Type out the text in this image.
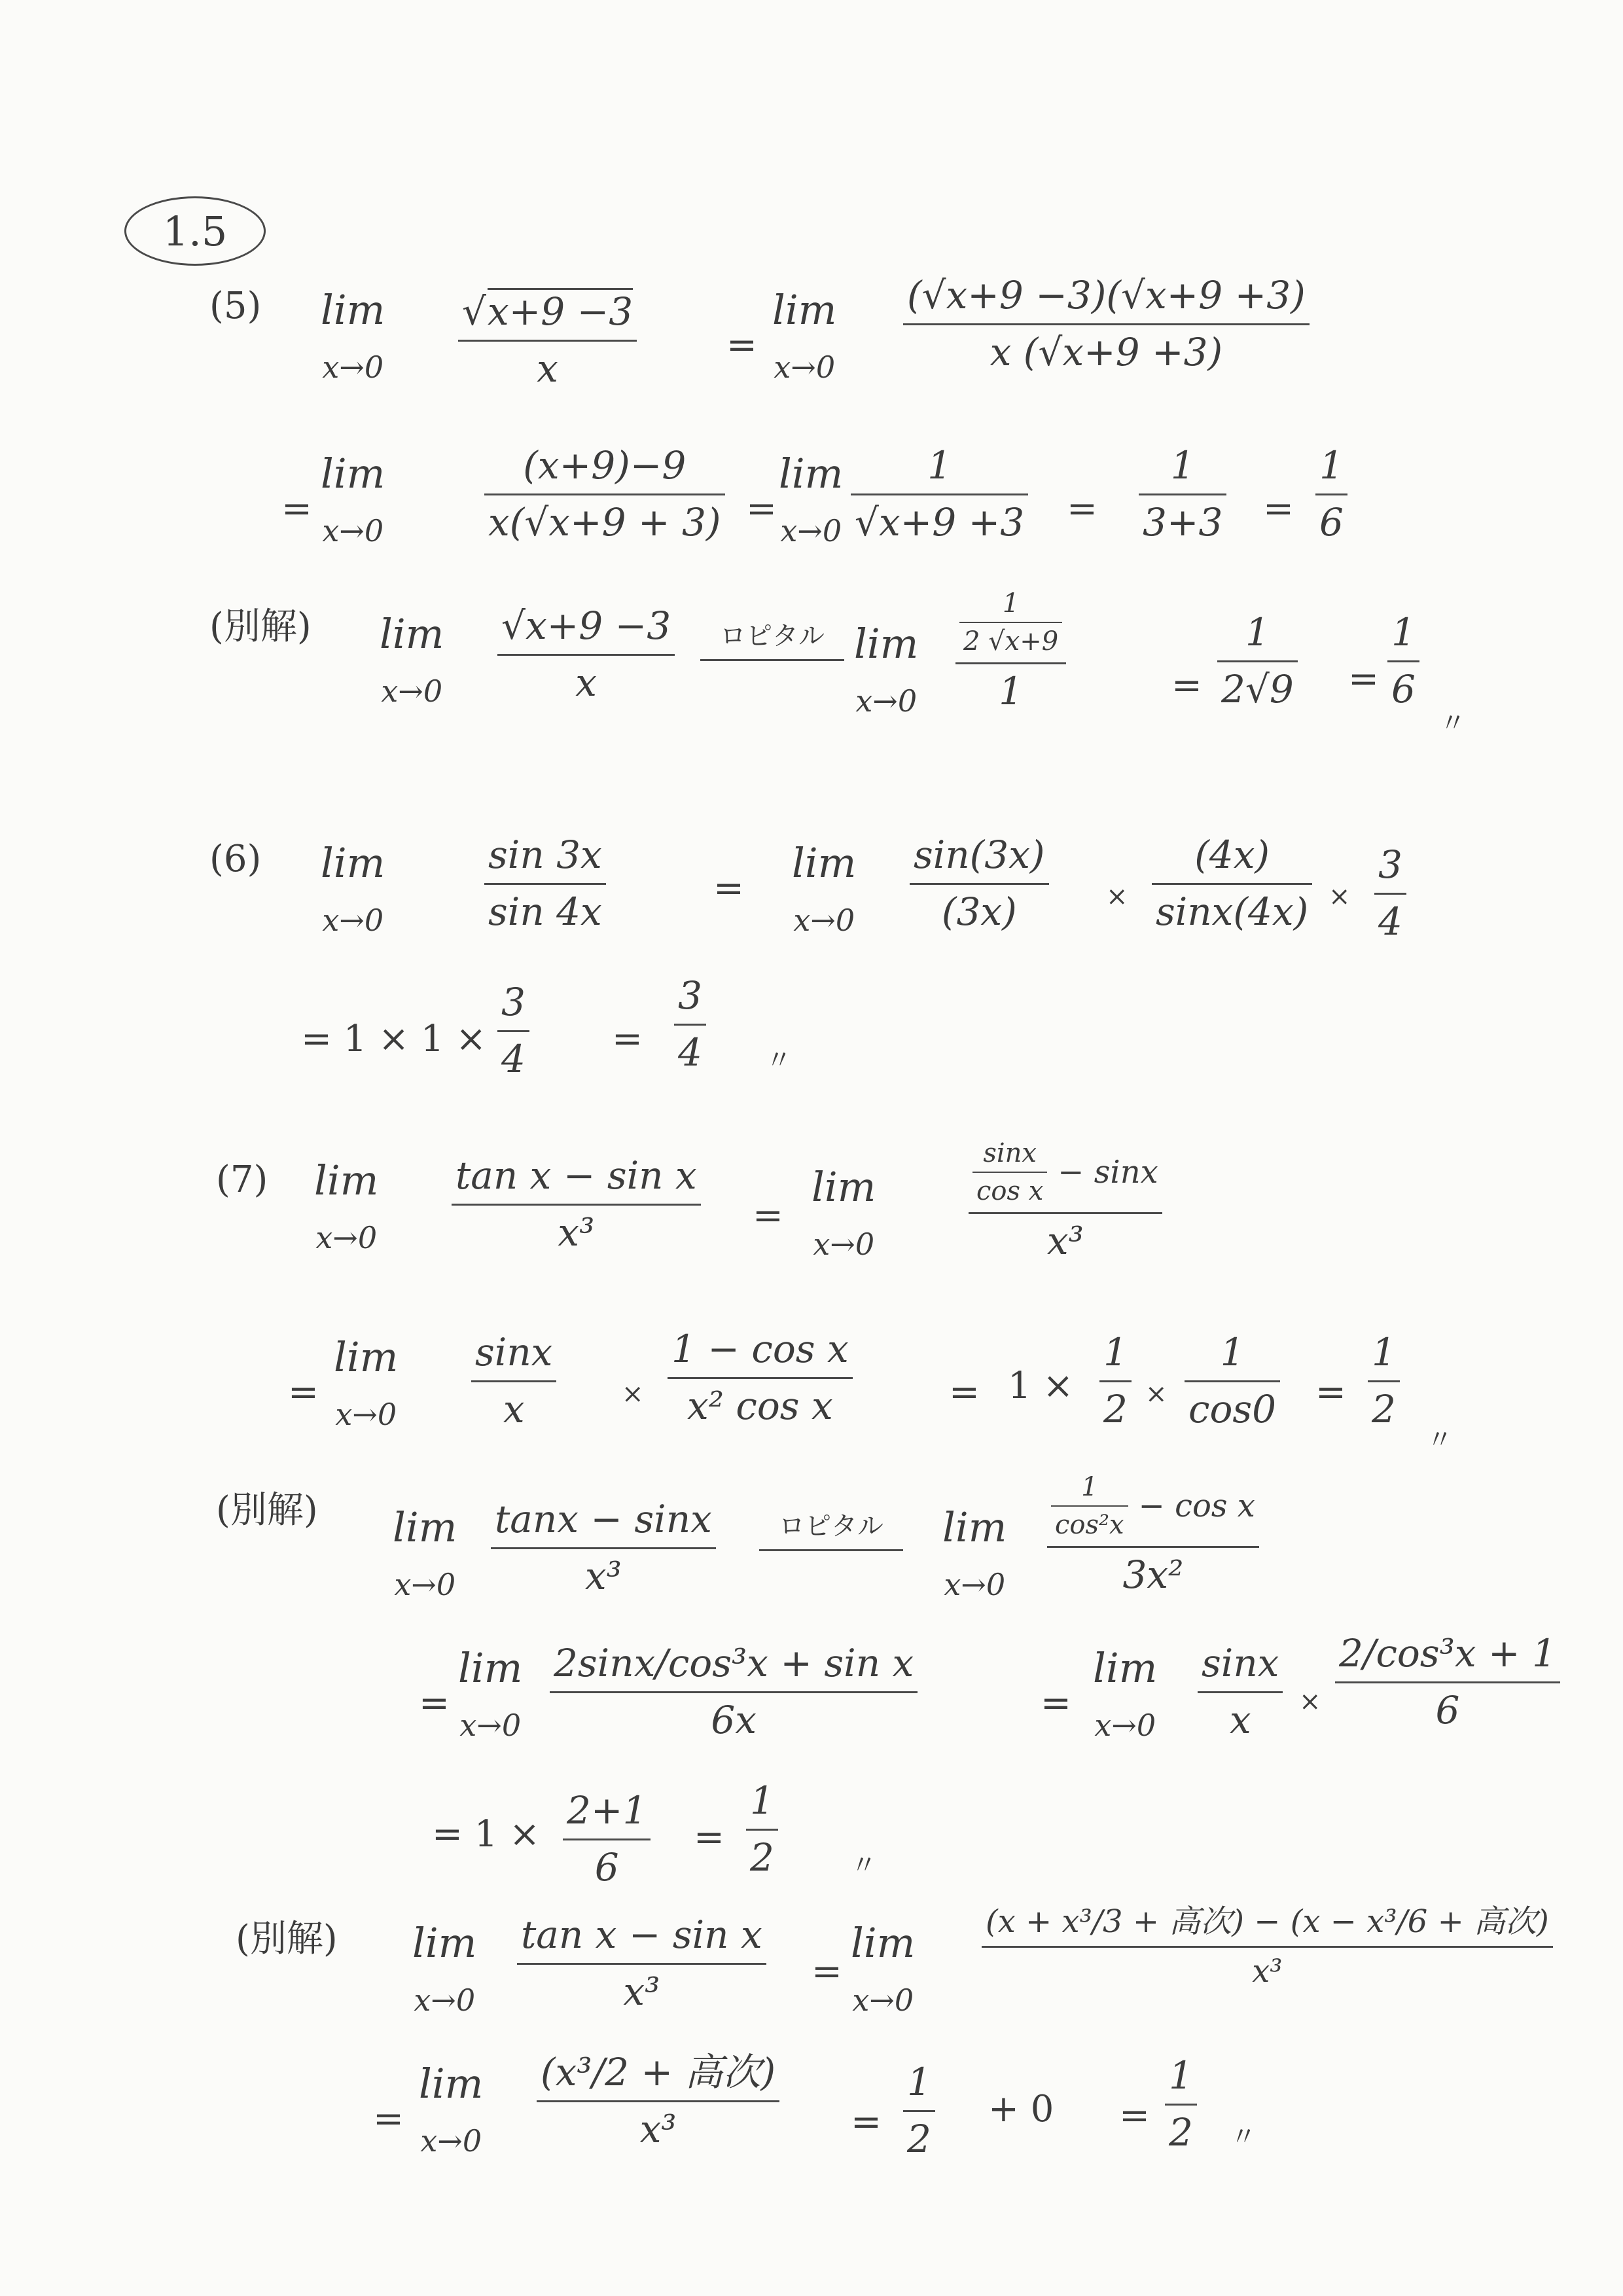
1.5
(5) lim
x→0
√x+9 −3
x
=
lim
x→0
(√x+9 −3)(√x+9 +3)
x (√x+9 +3)
=
lim
x→0
(x+9)−9
x(√x+9 + 3) =
lim
x→0
1
√x+9 +3 =
1
3+3 =
1
6
(別解) lim
x→0
√x+9 −3
x
ロピタル lim
x→0
1
2 √x+9
1	=
1
2√9 =
1
6
〃
(6) lim
x→0
sin 3x
sin 4x
=
lim
x→0
sin(3x)
(3x)	×
(4x)
sinx(4x) ×
3
4
= 1 × 1 ×
3
4 =
3
4 〃
(7) lim
x→0
tan x − sin x
x³	=
lim
x→0
$\frac{\sin x}{\text{cos x}} - \sin x$
x³
=
lim
x→0
sinx
x	×
1 − cos x
x² cos x	= 1 ×
1
2 ×
1
cos0 =
1
2
〃
(別解) lim
x→0
tanx − sinx
x³
ロピタル lim
x→0
$\frac{1}{\text{cos²x}} - \cos x$
3x²
=
lim
x→0
2sinx/cos³x + sin x
6x	=
lim
x→0
sinx
x ×
2/cos³x + 1
6
= 1 ×
2+1
6
=
1
2	〃
(別解) lim
x→0
tan x − sin x
x³	=
lim
x→0
(x + x³/3 + 高次) − (x − x³/6 + 高次)
x³
=
lim
x→0
(x³/2 + 高次)
x³	=
1
2
+ 0 =
1
2 〃
